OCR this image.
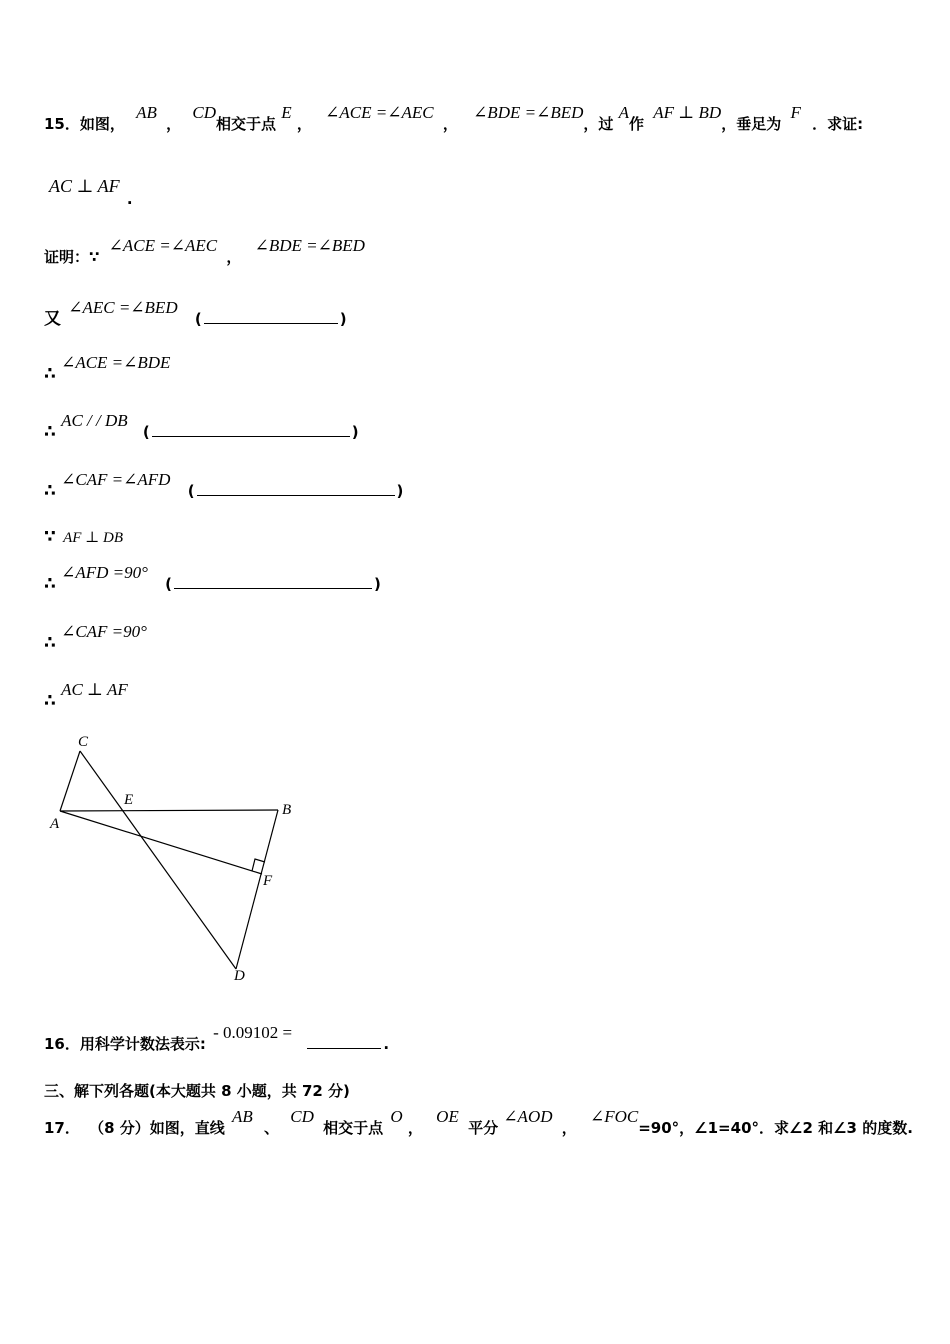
15．如图， AB ， CD相交于点 E ， ∠ACE =∠AEC ， ∠BDE =∠BED，过 A作 AF ⊥ BD，垂足为 F ．求证:
AC ⊥ AF .
证明：∵ ∠ACE =∠AEC ， ∠BDE =∠BED
又 ∠AEC =∠BED (	)
∴ ∠ACE =∠BDE
∴ AC / / DB (	)
∴ ∠CAF =∠AFD (	)
∵ AF ⊥ DB
∴ ∠AFD =90° (	)
∴ ∠CAF =90°
∴ AC ⊥ AF
C
E
A
B
F
D
16．用科学计数法表示: - 0.09102 = .
三、解下列各题(本大题共 8 小题，共 72 分)
17． （8 分）如图，直线 AB 、 CD 相交于点 O ， OE 平分 ∠AOD ， ∠FOC=90°，∠1=40°．求∠2 和∠3 的度数.
